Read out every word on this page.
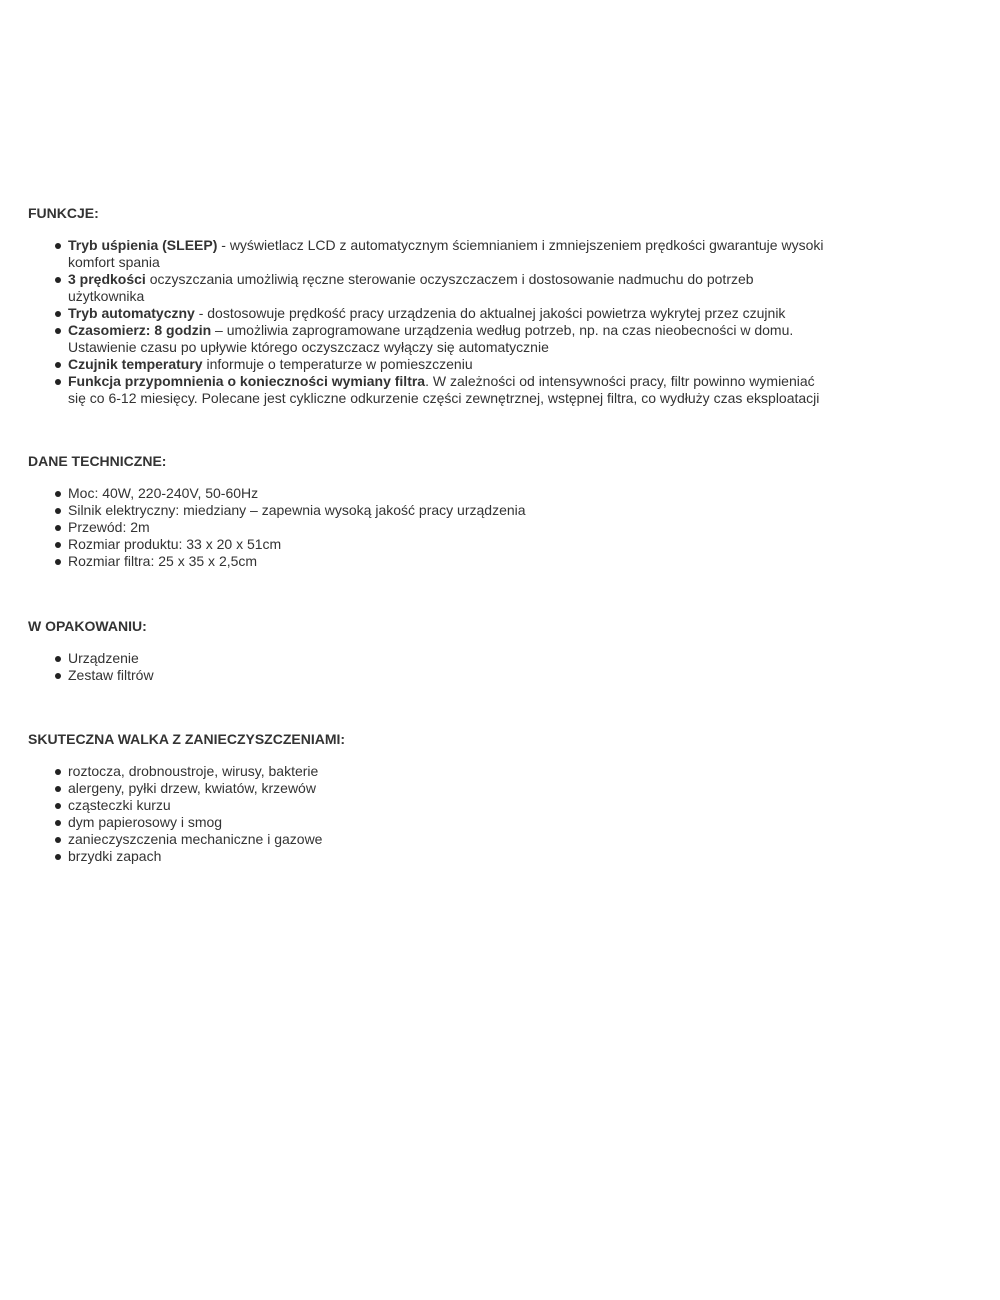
FUNKCJE:

Tryb uśpienia (SLEEP) - wyświetlacz LCD z automatycznym ściemnianiem i zmniejszeniem prędkości gwarantuje wysoki komfort spania
3 prędkości oczyszczania umożliwią ręczne sterowanie oczyszczaczem i dostosowanie nadmuchu do potrzeb użytkownika
Tryb automatyczny - dostosowuje prędkość pracy urządzenia do aktualnej jakości powietrza wykrytej przez czujnik
Czasomierz: 8 godzin – umożliwia zaprogramowane urządzenia według potrzeb, np. na czas nieobecności w domu. Ustawienie czasu po upływie którego oczyszczacz wyłączy się automatycznie
Czujnik temperatury informuje o temperaturze w pomieszczeniu
Funkcja przypomnienia o konieczności wymiany filtra. W zależności od intensywności pracy, filtr powinno wymieniać się co 6-12 miesięcy. Polecane jest cykliczne odkurzenie części zewnętrznej, wstępnej filtra, co wydłuży czas eksploatacji

DANE TECHNICZNE:

Moc: 40W, 220-240V, 50-60Hz
Silnik elektryczny: miedziany – zapewnia wysoką jakość pracy urządzenia
Przewód: 2m
Rozmiar produktu: 33 x 20 x 51cm
Rozmiar filtra: 25 x 35 x 2,5cm

W OPAKOWANIU:

Urządzenie
Zestaw filtrów

SKUTECZNA WALKA Z ZANIECZYSZCZENIAMI:

roztocza, drobnoustroje, wirusy, bakterie
alergeny, pyłki drzew, kwiatów, krzewów
cząsteczki kurzu
dym papierosowy i smog
zanieczyszczenia mechaniczne i gazowe
brzydki zapach
